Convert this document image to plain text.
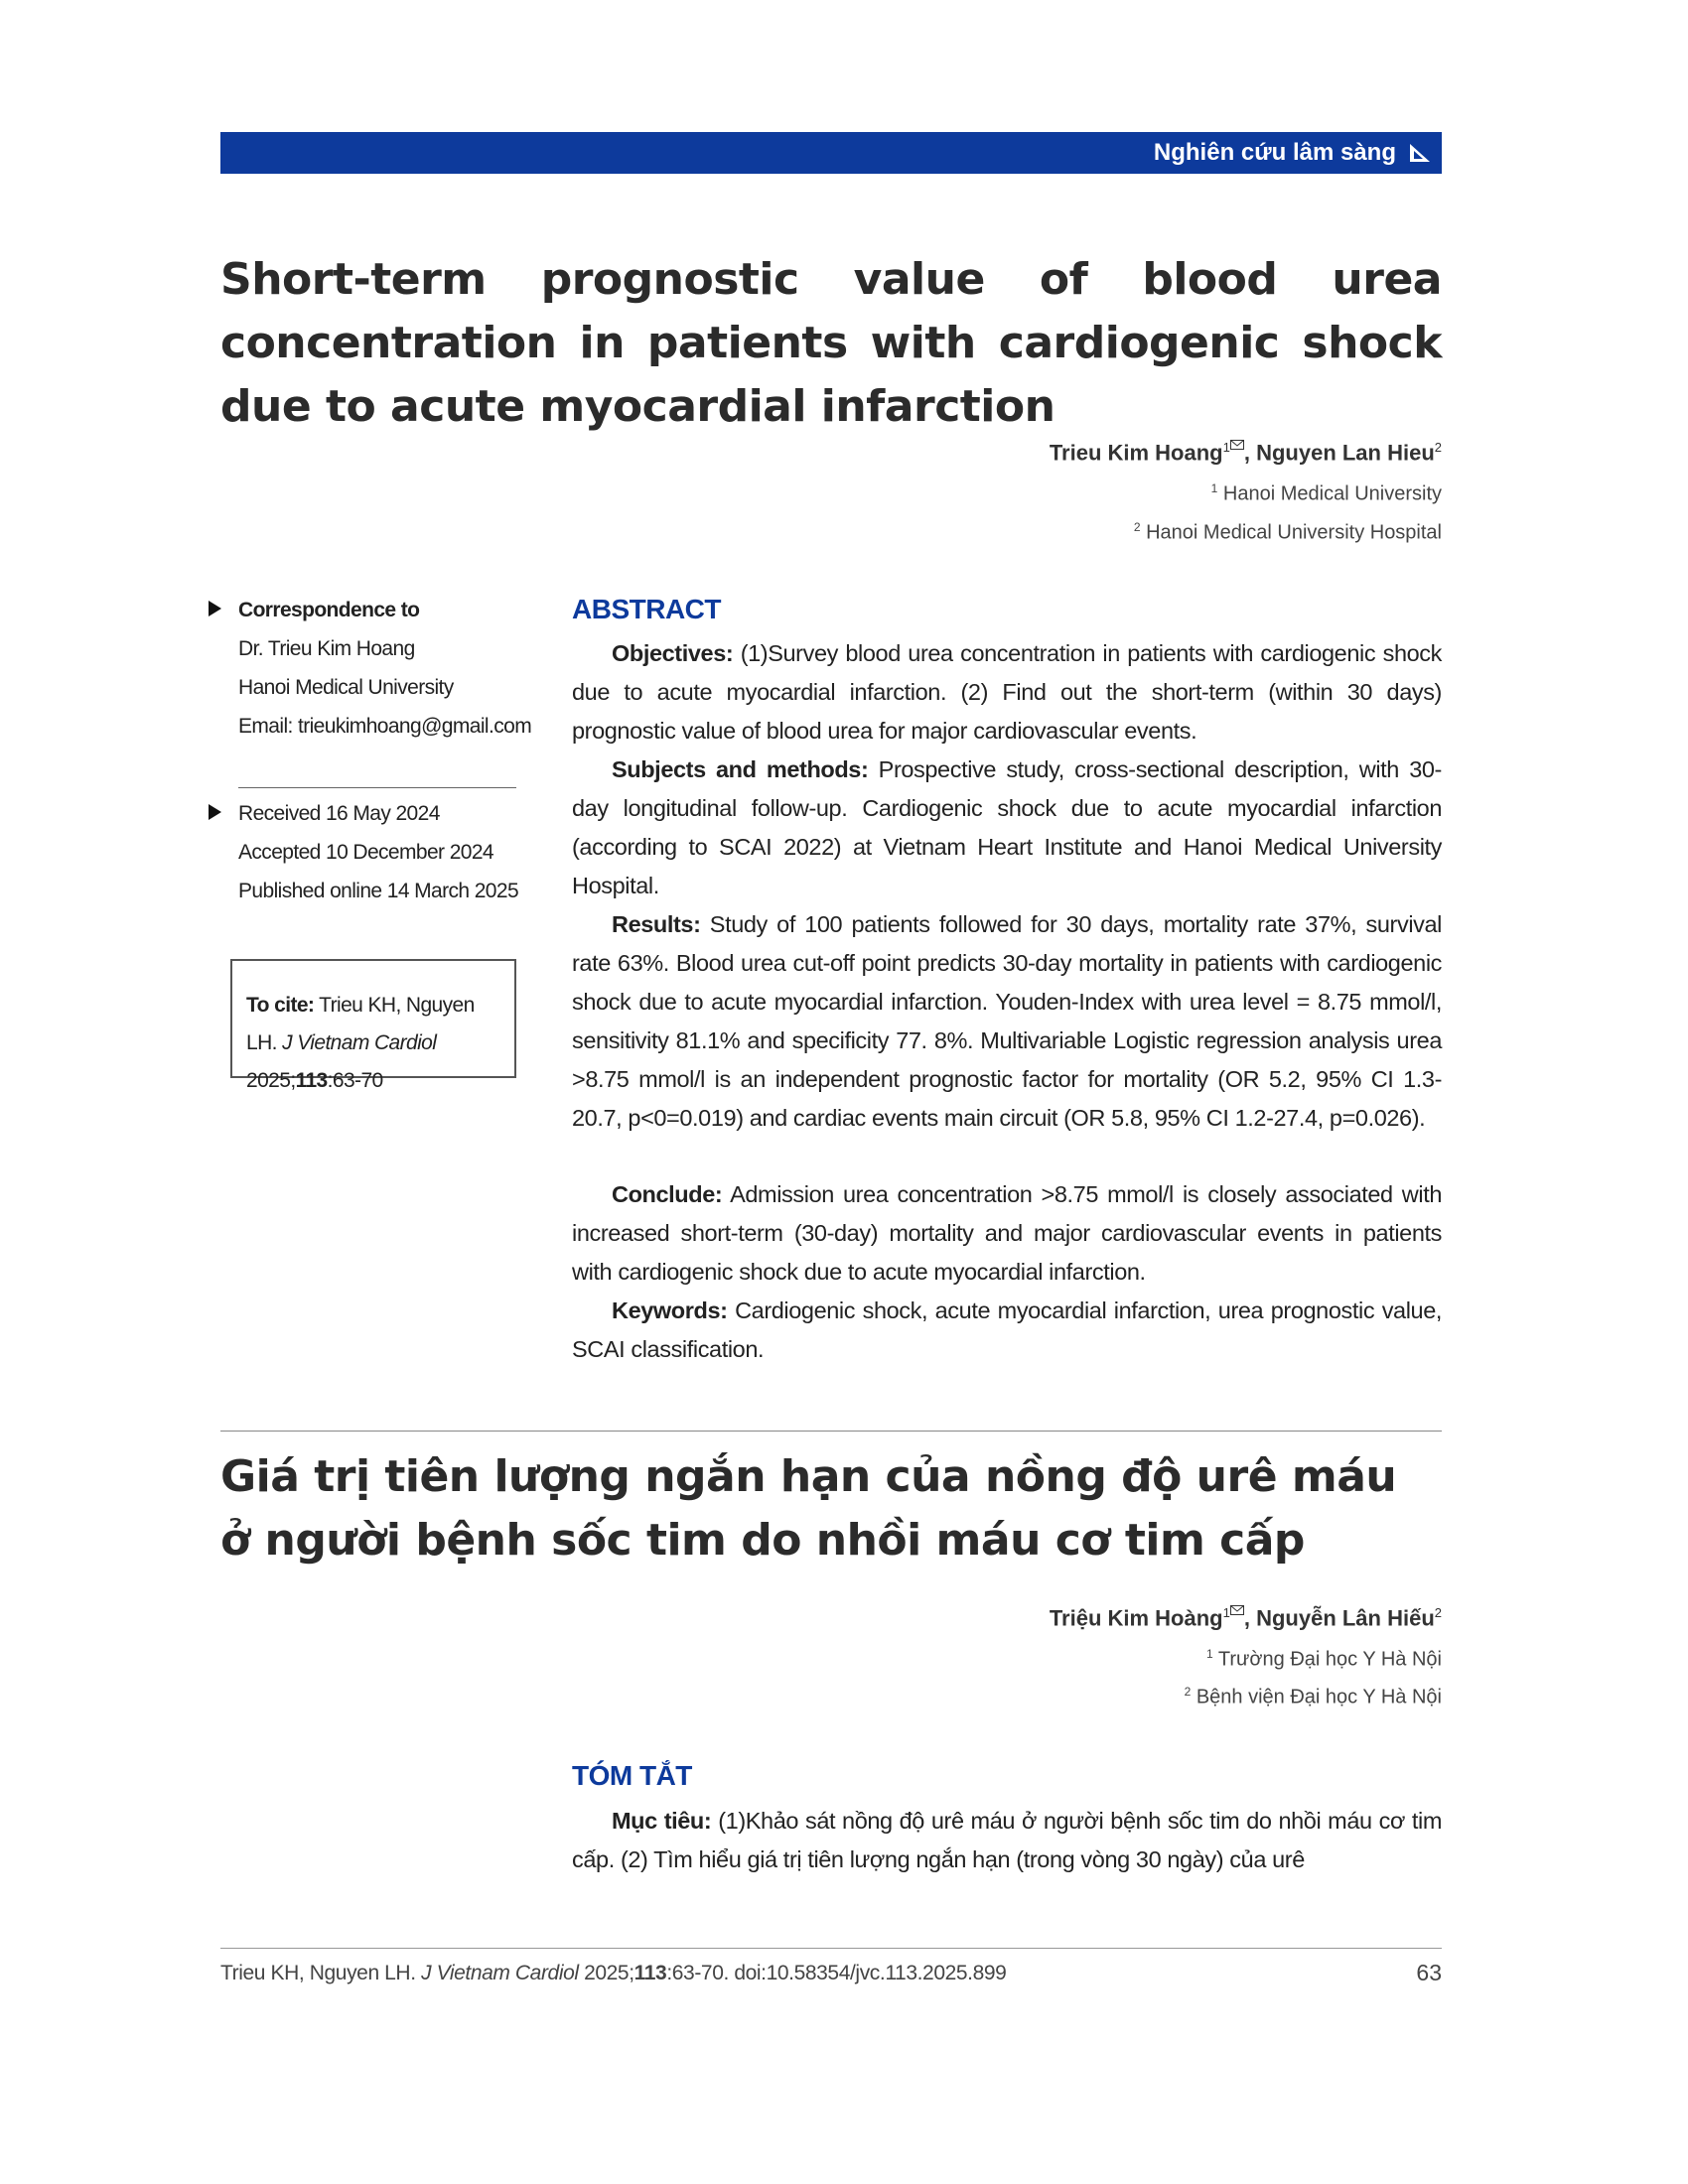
Nghiên cứu lâm sàng
Short-term prognostic value of blood urea concentration in patients with cardiogenic shock due to acute myocardial infarction
Trieu Kim Hoang$^1$ , Nguyen Lan Hieu$^2$
$^1$ Hanoi Medical University
$^2$ Hanoi Medical University Hospital
Correspondence to
Dr. Trieu Kim Hoang
Hanoi Medical University
Email: trieukimhoang@gmail.com
Received 16 May 2024
Accepted 10 December 2024
Published online 14 March 2025
To cite: Trieu KH, Nguyen LH. J Vietnam Cardiol 2025;113:63-70
ABSTRACT
Objectives: (1)Survey blood urea concentration in patients with cardiogenic shock due to acute myocardial infarction. (2) Find out the short-term (within 30 days) prognostic value of blood urea for major cardiovascular events.
Subjects and methods: Prospective study, cross-sectional description, with 30-day longitudinal follow-up. Cardiogenic shock due to acute myocardial infarction (according to SCAI 2022) at Vietnam Heart Institute and Hanoi Medical University Hospital.
Results: Study of 100 patients followed for 30 days, mortality rate 37%, survival rate 63%. Blood urea cut-off point predicts 30-day mortality in patients with cardiogenic shock due to acute myocardial infarction. Youden-Index with urea level = 8.75 mmol/l, sensitivity 81.1% and specificity 77. 8%. Multivariable Logistic regression analysis urea >8.75 mmol/l is an independent prognostic factor for mortality (OR 5.2, 95% CI 1.3- 20.7, p<0=0.019) and cardiac events main circuit (OR 5.8, 95% CI 1.2-27.4, p=0.026).
Conclude: Admission urea concentration >8.75 mmol/l is closely associated with increased short-term (30-day) mortality and major cardiovascular events in patients with cardiogenic shock due to acute myocardial infarction.
Keywords: Cardiogenic shock, acute myocardial infarction, urea prognostic value, SCAI classification.
Giá trị tiên lượng ngắn hạn của nồng độ urê máu
ở người bệnh sốc tim do nhồi máu cơ tim cấp
Triệu Kim Hoàng$^1$ , Nguyễn Lân Hiếu$^2$
$^1$ Trường Đại học Y Hà Nội
$^2$ Bệnh viện Đại học Y Hà Nội
TÓM TẮT
Mục tiêu: (1)Khảo sát nồng độ urê máu ở người bệnh sốc tim do nhồi máu cơ tim cấp. (2) Tìm hiểu giá trị tiên lượng ngắn hạn (trong vòng 30 ngày) của urê
Trieu KH, Nguyen LH. J Vietnam Cardiol 2025;113:63-70. doi:10.58354/jvc.113.2025.899	63
